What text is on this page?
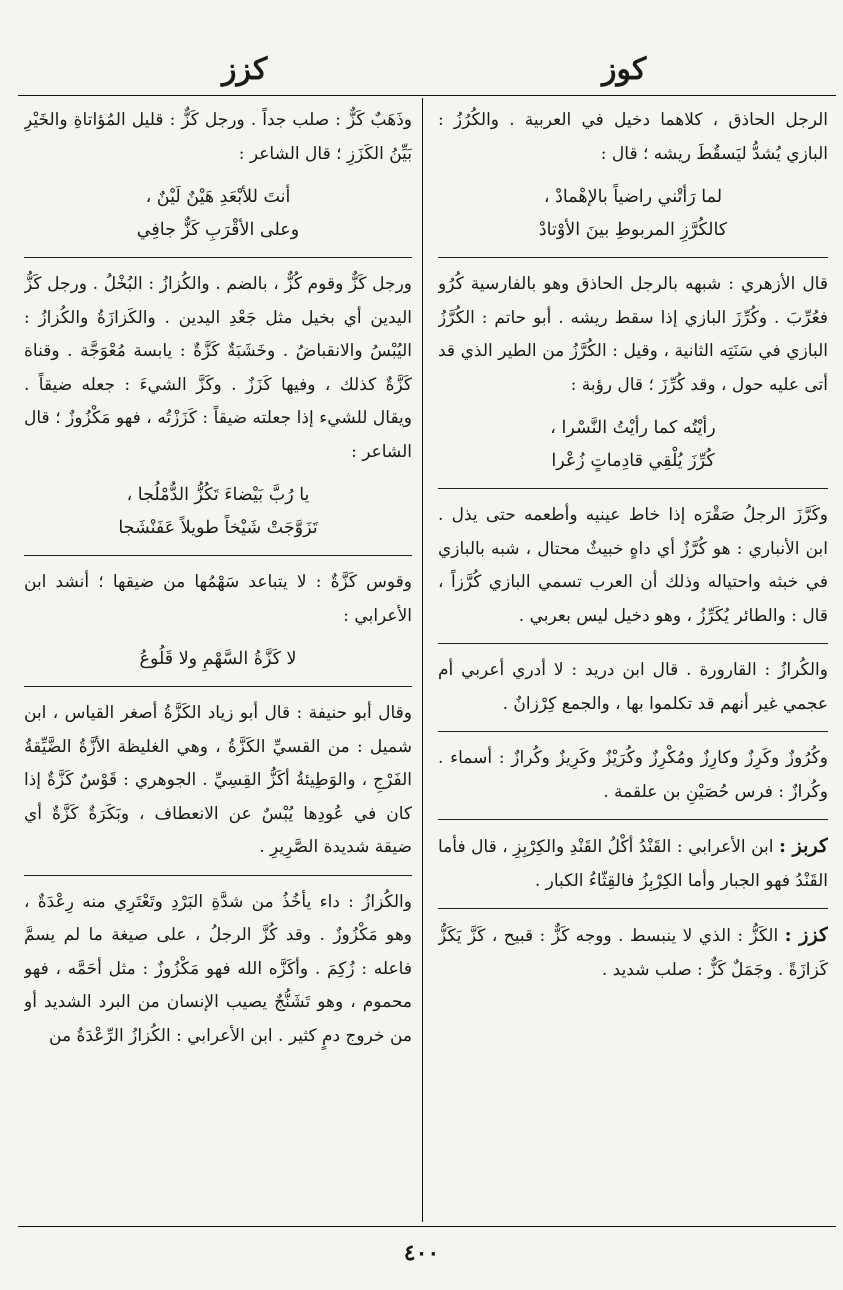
كزز	كوز
الرجل الحاذق ، كلاهما دخيل في العربية . والكُرُزُ : البازي يُشدُّ ليَسقُطَ ريشه ؛ قال :
لما رَأتْني راضياً بالإهْمادْ ،
كالكُرَّزِ المربوطِ بينَ الأوْتادْ
قال الأزهري : شبهه بالرجل الحاذق وهو بالفارسية كُرُو فعُرِّبَ . وكُرِّزَ البازي إذا سقط ريشه . أبو حاتم : الكُرَّزُ البازي في سَنَتِه الثانية ، وقيل : الكُرَّزُ من الطير الذي قد أتى عليه حول ، وقد كُرِّزَ ؛ قال رؤبة :
رأيْتُه كما رأيْتُ النَّسْرا ،
كُرِّزَ يُلْقِي قادِماتٍ زُعْرا
وكَرَّزَ الرجلُ صَقْرَه إذا خاط عينيه وأطعمه حتى يذل . ابن الأنباري : هو كُرَّزٌ أي داهٍ خبيثٌ محتال ، شبه بالبازي في خبثه واحتياله وذلك أن العرب تسمي البازي كُرَّزاً ، قال : والطائر يُكَرِّزُ ، وهو دخيل ليس بعربي .
والكُرازُ : القارورة . قال ابن دريد : لا أدري أعربي أم عجمي غير أنهم قد تكلموا بها ، والجمع كِرْزانٌ .
وكُرُوزٌ وكَرِزٌ وكارِزٌ ومُكْرِزٌ وكُرَيْزٌ وكَرِيزٌ وكُرازٌ : أسماء . وكُرازٌ : فرس حُصَيْنِ بن علقمة .
كربز : ابن الأعرابي : القَنْدُ أكْلُ القَنْدِ والكِرْبِزِ ، قال فأما القَنْدُ فهو الجبار وأما الكِرْبِزُ فالقِثّاءُ الكبار .
كزز : الكَزُّ : الذي لا ينبسط . ووجه كَزٌّ : قبيح ، كَزَّ يَكَزُّ كَزازَةً . وجَمَلٌ كَزٌّ : صلب شديد .
وذَهَبٌ كَزٌّ : صلب جداً . ورجل كَزٌّ : قليل المُؤاتاةِ والخَيْرِ بَيِّنُ الكَزَزِ ؛ قال الشاعر :
أنتَ للأبْعَدِ هَيْنٌ لَيْنٌ ،
وعلى الأقْرَبِ كَزٌّ جافِي
ورجل كَزٌّ وقوم كُزٌّ ، بالضم . والكُزازُ : البُخْلُ . ورجل كَزُّ اليدين أي بخيل مثل جَعْدِ اليدين . والكَزازَةُ والكُزازُ : اليُبْسُ والانقباضُ . وخَشَبَةٌ كَزَّةٌ : يابسة مُعْوَجَّة . وقناة كَزَّةٌ كذلك ، وفيها كَزَزٌ . وكَزَّ الشيءَ : جعله ضيقاً . ويقال للشيء إذا جعلته ضيقاً : كَزَزْتُه ، فهو مَكْزُوزٌ ؛ قال الشاعر :
يا رُبَّ بَيْضاءَ تَكُزُّ الدُّمْلُجا ،
تَزَوَّجَتْ شَيْخاً طويلاً عَفَنْشَجا
وقوس كَزَّةٌ : لا يتباعد سَهْمُها من ضيقها ؛ أنشد ابن الأعرابي :
لا كَزَّةُ السَّهْمِ ولا قَلُوعُ
وقال أبو حنيفة : قال أبو زياد الكَزَّةُ أصغر القياس ، ابن شميل : من القسيِّ الكَزَّةُ ، وهي الغليظة الأزَّةُ الضَّيِّقةُ الفَرْجِ ، والوَطِيئةُ أكَزُّ القِسِيِّ . الجوهري : قَوْسٌ كَزَّةٌ إذا كان في عُودِها يُبْسٌ عن الانعطاف ، وبَكَرَةٌ كَزَّةٌ أي ضيقة شديدة الصَّرِيرِ .
والكُزازُ : داء يأخُذُ من شدَّةِ البَرْدِ وتَعْتَرِي منه رِعْدَةٌ ، وهو مَكْزُوزٌ . وقد كُزَّ الرجلُ ، على صيغة ما لم يسمَّ فاعله : زُكِمَ . وأكَزَّه الله فهو مَكْزُوزٌ : مثل أحَمَّه ، فهو محموم ، وهو تَشَنُّجٌ يصيب الإنسان من البرد الشديد أو من خروج دمٍ كثير . ابن الأعرابي : الكُزازُ الرِّعْدَةُ من
٤٠٠
